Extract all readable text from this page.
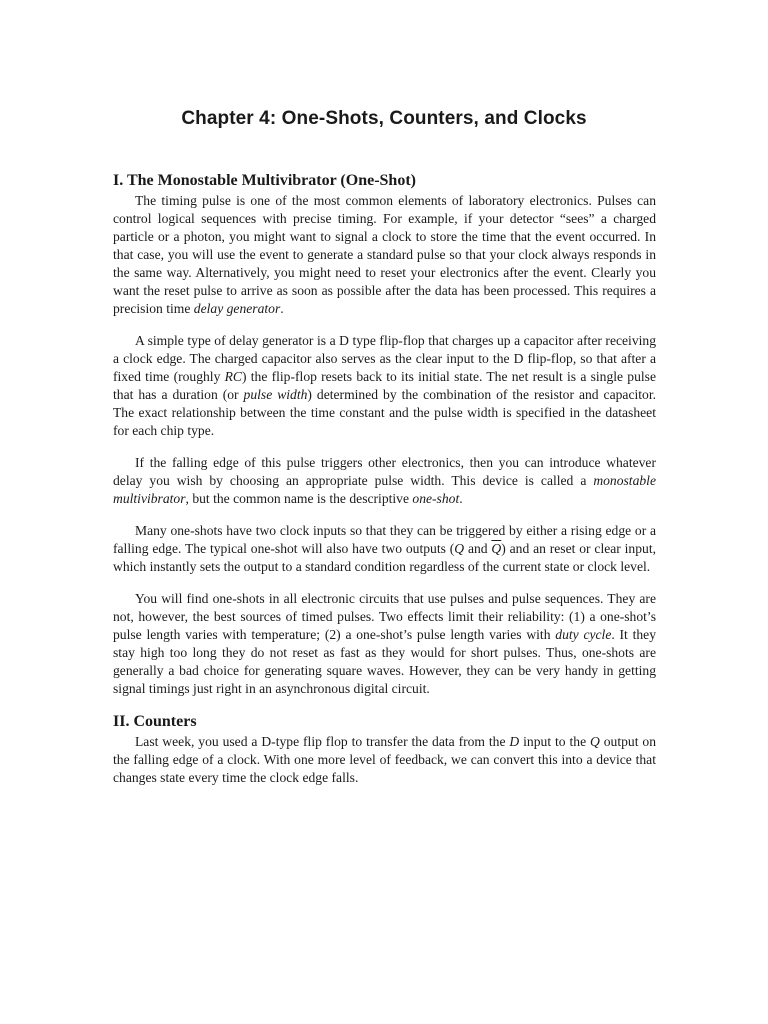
Chapter 4: One-Shots, Counters, and Clocks
I. The Monostable Multivibrator (One-Shot)

The timing pulse is one of the most common elements of laboratory electronics. Pulses can control logical sequences with precise timing. For example, if your detector “sees” a charged particle or a photon, you might want to signal a clock to store the time that the event occurred. In that case, you will use the event to generate a standard pulse so that your clock always responds in the same way. Alternatively, you might need to reset your electronics after the event. Clearly you want the reset pulse to arrive as soon as possible after the data has been processed. This requires a precision time delay generator.

A simple type of delay generator is a D type flip-flop that charges up a capacitor after receiving a clock edge. The charged capacitor also serves as the clear input to the D flip-flop, so that after a fixed time (roughly RC) the flip-flop resets back to its initial state. The net result is a single pulse that has a duration (or pulse width) determined by the combination of the resistor and capacitor. The exact relationship between the time constant and the pulse width is specified in the datasheet for each chip type.

If the falling edge of this pulse triggers other electronics, then you can introduce whatever delay you wish by choosing an appropriate pulse width. This device is called a monostable multivibrator, but the common name is the descriptive one-shot.

Many one-shots have two clock inputs so that they can be triggered by either a rising edge or a falling edge. The typical one-shot will also have two outputs (Q and $\overline{Q}$) and an reset or clear input, which instantly sets the output to a standard condition regardless of the current state or clock level.

You will find one-shots in all electronic circuits that use pulses and pulse sequences. They are not, however, the best sources of timed pulses. Two effects limit their reliability: (1) a one-shot’s pulse length varies with temperature; (2) a one-shot’s pulse length varies with duty cycle. It they stay high too long they do not reset as fast as they would for short pulses. Thus, one-shots are generally a bad choice for generating square waves. However, they can be very handy in getting signal timings just right in an asynchronous digital circuit.

II. Counters

Last week, you used a D-type flip flop to transfer the data from the D input to the Q output on the falling edge of a clock. With one more level of feedback, we can convert this into a device that changes state every time the clock edge falls.
